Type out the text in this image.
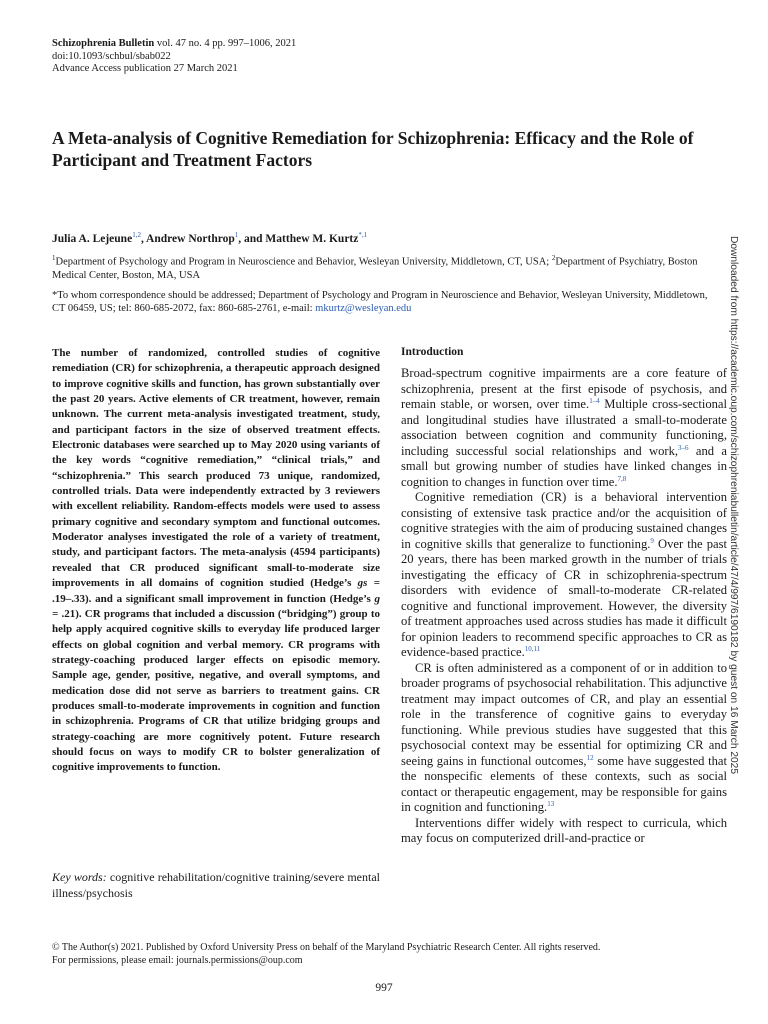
Schizophrenia Bulletin vol. 47 no. 4 pp. 997–1006, 2021
doi:10.1093/schbul/sbab022
Advance Access publication 27 March 2021
A Meta-analysis of Cognitive Remediation for Schizophrenia: Efficacy and the Role of Participant and Treatment Factors
Julia A. Lejeune$^{1,2}$, Andrew Northrop$^1$, and Matthew M. Kurtz$^{*,1}$
$^1$Department of Psychology and Program in Neuroscience and Behavior, Wesleyan University, Middletown, CT, USA; $^2$Department of Psychiatry, Boston Medical Center, Boston, MA, USA
*To whom correspondence should be addressed; Department of Psychology and Program in Neuroscience and Behavior, Wesleyan University, Middletown, CT 06459, US; tel: 860-685-2072, fax: 860-685-2761, e-mail: mkurtz@wesleyan.edu
The number of randomized, controlled studies of cognitive remediation (CR) for schizophrenia, a therapeutic approach designed to improve cognitive skills and function, has grown substantially over the past 20 years. Active elements of CR treatment, however, remain unknown. The current meta-analysis investigated treatment, study, and participant factors in the size of observed treatment effects. Electronic databases were searched up to May 2020 using variants of the key words “cognitive remediation,” “clinical trials,” and “schizophrenia.” This search produced 73 unique, randomized, controlled trials. Data were independently extracted by 3 reviewers with excellent reliability. Random-effects models were used to assess primary cognitive and secondary symptom and functional outcomes. Moderator analyses investigated the role of a variety of treatment, study, and participant factors. The meta-analysis (4594 participants) revealed that CR produced significant small-to-moderate size improvements in all domains of cognition studied (Hedge’s gs = .19–.33). and a significant small improvement in function (Hedge’s g = .21). CR programs that included a discussion (“bridging”) group to help apply acquired cognitive skills to everyday life produced larger effects on global cognition and verbal memory. CR programs with strategy-coaching produced larger effects on episodic memory. Sample age, gender, positive, negative, and overall symptoms, and medication dose did not serve as barriers to treatment gains. CR produces small-to-moderate improvements in cognition and function in schizophrenia. Programs of CR that utilize bridging groups and strategy-coaching are more cognitively potent. Future research should focus on ways to modify CR to bolster generalization of cognitive improvements to function.
Key words: cognitive rehabilitation/cognitive training/severe mental illness/psychosis
Introduction

Broad-spectrum cognitive impairments are a core feature of schizophrenia, present at the first episode of psychosis, and remain stable, or worsen, over time.$^{1-4}$ Multiple cross-sectional and longitudinal studies have illustrated a small-to-moderate association between cognition and community functioning, including successful social relationships and work,$^{3-6}$ and a small but growing number of studies have linked changes in cognition to changes in function over time.$^{7,8}$

Cognitive remediation (CR) is a behavioral intervention consisting of extensive task practice and/or the acquisition of cognitive strategies with the aim of producing sustained changes in cognitive skills that generalize to functioning.$^9$ Over the past 20 years, there has been marked growth in the number of trials investigating the efficacy of CR in schizophrenia-spectrum disorders with evidence of small-to-moderate CR-related cognitive and functional improvement. However, the diversity of treatment approaches used across studies has made it difficult for opinion leaders to recommend specific approaches to CR as evidence-based practice.$^{10,11}$

CR is often administered as a component of or in addition to broader programs of psychosocial rehabilitation. This adjunctive treatment may impact outcomes of CR, and play an essential role in the transference of cognitive gains to everyday functioning. While previous studies have suggested that this psychosocial context may be essential for optimizing CR and seeing gains in functional outcomes,$^{12}$ some have suggested that the nonspecific elements of these contexts, such as social contact or therapeutic engagement, may be responsible for gains in cognition and functioning.$^{13}$

Interventions differ widely with respect to curricula, which may focus on computerized drill-and-practice or

Downloaded from https://academic.oup.com/schizophreniabulletin/article/47/4/997/6190182 by guest on 16 March 2025
© The Author(s) 2021. Published by Oxford University Press on behalf of the Maryland Psychiatric Research Center. All rights reserved.
For permissions, please email: journals.permissions@oup.com
997
